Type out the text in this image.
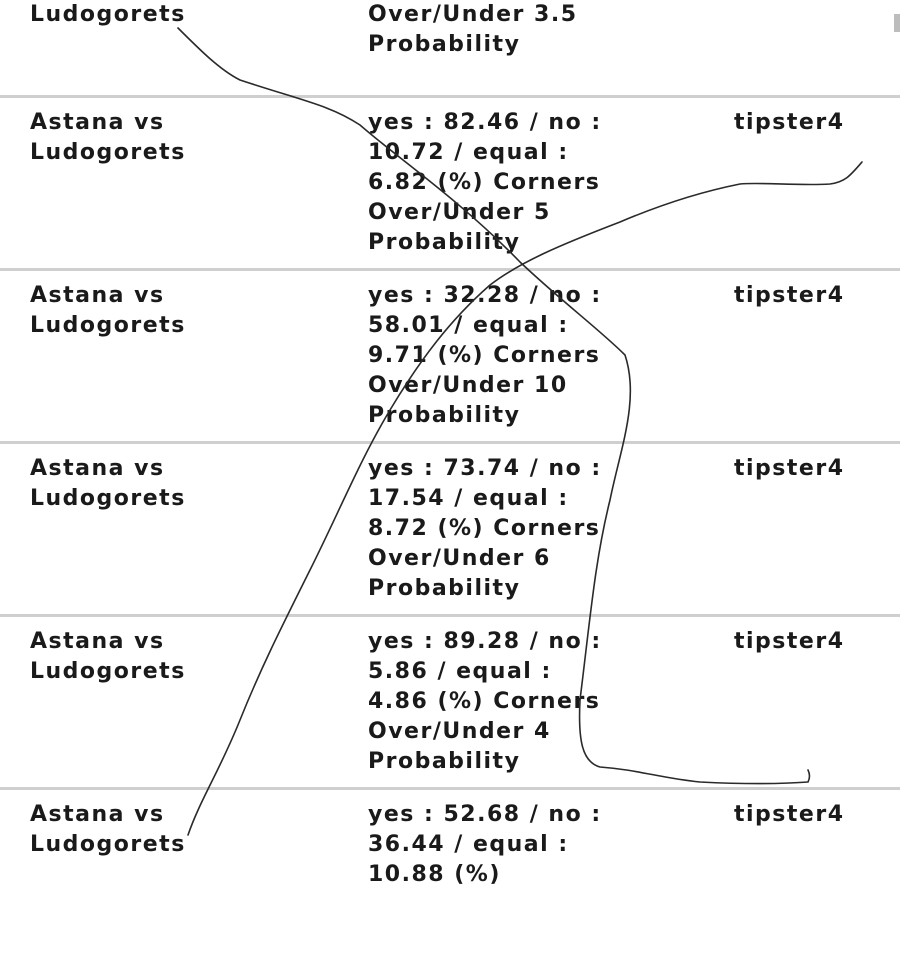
Ludogorets	
Over/Under 3.5
Probability
Astana vs
Ludogorets
yes : 82.46 / no :
10.72 / equal :
6.82 (%) Corners
Over/Under 5
Probability
tipster4
Astana vs
Ludogorets
yes : 32.28 / no :
58.01 / equal :
9.71 (%) Corners
Over/Under 10
Probability
tipster4
Astana vs
Ludogorets
yes : 73.74 / no :
17.54 / equal :
8.72 (%) Corners
Over/Under 6
Probability
tipster4
Astana vs
Ludogorets
yes : 89.28 / no :
5.86 / equal :
4.86 (%) Corners
Over/Under 4
Probability
tipster4
Astana vs
Ludogorets
yes : 52.68 / no :
36.44 / equal :
10.88 (%)
tipster4
